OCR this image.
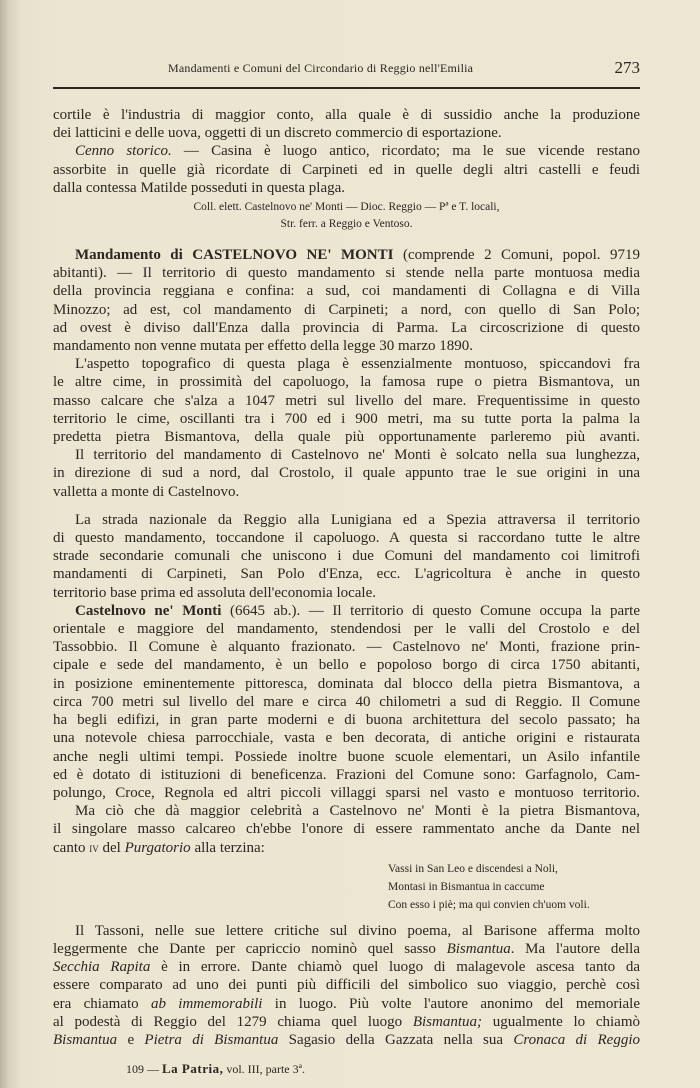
Mandamenti e Comuni del Circondario di Reggio nell'Emilia	273
cortile è l'industria di maggior conto, alla quale è di sussidio anche la produzione
dei latticini e delle uova, oggetti di un discreto commercio di esportazione.
Cenno storico. — Casina è luogo antico, ricordato; ma le sue vicende restano
assorbite in quelle già ricordate di Carpineti ed in quelle degli altri castelli e feudi
dalla contessa Matilde posseduti in questa plaga.
Coll. elett. Castelnovo ne' Monti — Dioc. Reggio — Pª e T. locali,
Str. ferr. a Reggio e Ventoso.
Mandamento di CASTELNOVO NE' MONTI (comprende 2 Comuni, popol. 9719
abitanti). — Il territorio di questo mandamento si stende nella parte montuosa media
della provincia reggiana e confina: a sud, coi mandamenti di Collagna e di Villa
Minozzo; ad est, col mandamento di Carpineti; a nord, con quello di San Polo;
ad ovest è diviso dall'Enza dalla provincia di Parma. La circoscrizione di questo
mandamento non venne mutata per effetto della legge 30 marzo 1890.
L'aspetto topografico di questa plaga è essenzialmente montuoso, spiccandovi fra
le altre cime, in prossimità del capoluogo, la famosa rupe o pietra Bismantova, un
masso calcare che s'alza a 1047 metri sul livello del mare. Frequentissime in questo
territorio le cime, oscillanti tra i 700 ed i 900 metri, ma su tutte porta la palma la
predetta pietra Bismantova, della quale più opportunamente parleremo più avanti.
Il territorio del mandamento di Castelnovo ne' Monti è solcato nella sua lunghezza,
in direzione di sud a nord, dal Crostolo, il quale appunto trae le sue origini in una
valletta a monte di Castelnovo.
La strada nazionale da Reggio alla Lunigiana ed a Spezia attraversa il territorio
di questo mandamento, toccandone il capoluogo. A questa si raccordano tutte le altre
strade secondarie comunali che uniscono i due Comuni del mandamento coi limitrofi
mandamenti di Carpineti, San Polo d'Enza, ecc. L'agricoltura è anche in questo
territorio base prima ed assoluta dell'economia locale.
Castelnovo ne' Monti (6645 ab.). — Il territorio di questo Comune occupa la parte
orientale e maggiore del mandamento, stendendosi per le valli del Crostolo e del
Tassobbio. Il Comune è alquanto frazionato. — Castelnovo ne' Monti, frazione prin-
cipale e sede del mandamento, è un bello e popoloso borgo di circa 1750 abitanti,
in posizione eminentemente pittoresca, dominata dal blocco della pietra Bismantova, a
circa 700 metri sul livello del mare e circa 40 chilometri a sud di Reggio. Il Comune
ha begli edifizi, in gran parte moderni e di buona architettura del secolo passato; ha
una notevole chiesa parrocchiale, vasta e ben decorata, di antiche origini e ristaurata
anche negli ultimi tempi. Possiede inoltre buone scuole elementari, un Asilo infantile
ed è dotato di istituzioni di beneficenza. Frazioni del Comune sono: Garfagnolo, Cam-
polungo, Croce, Regnola ed altri piccoli villaggi sparsi nel vasto e montuoso territorio.
Ma ciò che dà maggior celebrità a Castelnovo ne' Monti è la pietra Bismantova,
il singolare masso calcareo ch'ebbe l'onore di essere rammentato anche da Dante nel
canto iv del Purgatorio alla terzina:
Vassi in San Leo e discendesi a Noli,
Montasi in Bismantua in caccume
Con esso i piè; ma qui convien ch'uom voli.
Il Tassoni, nelle sue lettere critiche sul divino poema, al Barisone afferma molto
leggermente che Dante per capriccio nominò quel sasso Bismantua. Ma l'autore della
Secchia Rapita è in errore. Dante chiamò quel luogo di malagevole ascesa tanto da
essere comparato ad uno dei punti più difficili del simbolico suo viaggio, perchè così
era chiamato ab immemorabili in luogo. Più volte l'autore anonimo del memoriale
al podestà di Reggio del 1279 chiama quel luogo Bismantua; ugualmente lo chiamò
Bismantua e Pietra di Bismantua Sagasio della Gazzata nella sua Cronaca di Reggio
109 — La Patria, vol. III, parte 3ª.
